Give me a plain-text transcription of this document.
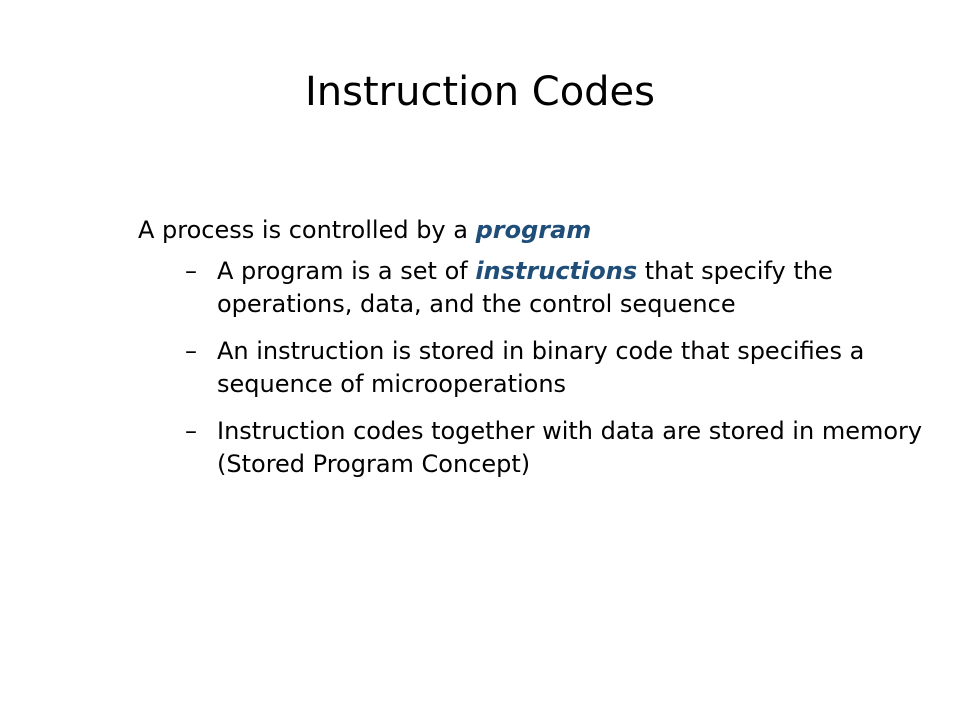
Instruction Codes
A process is controlled by a program
– A program is a set of instructions that specify the operations, data, and the control sequence
– An instruction is stored in binary code that specifies a sequence of microoperations
– Instruction codes together with data are stored in memory (Stored Program Concept)
